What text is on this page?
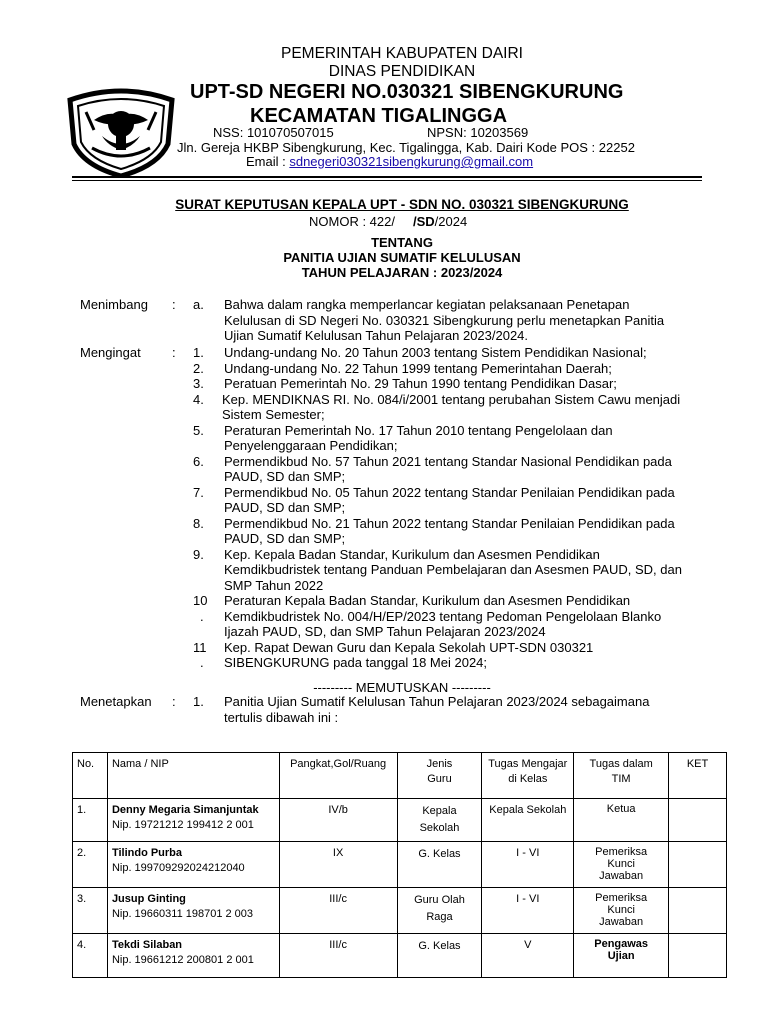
PEMERINTAH KABUPATEN DAIRI
DINAS PENDIDIKAN
UPT-SD NEGERI NO.030321 SIBENGKURUNG
KECAMATAN TIGALINGGA
NSS: 101070507015	NPSN: 10203569
Jln. Gereja HKBP Sibengkurung, Kec. Tigalingga, Kab. Dairi Kode POS : 22252
Email : sdnegeri030321sibengkurung@gmail.com
SURAT KEPUTUSAN KEPALA UPT - SDN NO. 030321 SIBENGKURUNG
NOMOR : 422/ /SD/2024
TENTANG
PANITIA UJIAN SUMATIF KELULUSAN
TAHUN PELAJARAN : 2023/2024
Menimbang : a. Bahwa dalam rangka memperlancar kegiatan pelaksanaan Penetapan
Kelulusan di SD Negeri No. 030321 Sibengkurung perlu menetapkan Panitia
Ujian Sumatif Kelulusan Tahun Pelajaran 2023/2024.
Mengingat : 1. Undang-undang No. 20 Tahun 2003 tentang Sistem Pendidikan Nasional;
2. Undang-undang No. 22 Tahun 1999 tentang Pemerintahan Daerah;
3. Peratuan Pemerintah No. 29 Tahun 1990 tentang Pendidikan Dasar;
4. Kep. MENDIKNAS RI. No. 084/i/2001 tentang perubahan Sistem Cawu menjadi
Sistem Semester;
5. Peraturan Pemerintah No. 17 Tahun 2010 tentang Pengelolaan dan
Penyelenggaraan Pendidikan;
6. Permendikbud No. 57 Tahun 2021 tentang Standar Nasional Pendidikan pada
PAUD, SD dan SMP;
7. Permendikbud No. 05 Tahun 2022 tentang Standar Penilaian Pendidikan pada
PAUD, SD dan SMP;
8. Permendikbud No. 21 Tahun 2022 tentang Standar Penilaian Pendidikan pada
PAUD, SD dan SMP;
9. Kep. Kepala Badan Standar, Kurikulum dan Asesmen Pendidikan
Kemdikbudristek tentang Panduan Pembelajaran dan Asesmen PAUD, SD, dan
SMP Tahun 2022
10
.
Peraturan Kepala Badan Standar, Kurikulum dan Asesmen Pendidikan
Kemdikbudristek No. 004/H/EP/2023 tentang Pedoman Pengelolaan Blanko
Ijazah PAUD, SD, dan SMP Tahun Pelajaran 2023/2024
11
.
Kep. Rapat Dewan Guru dan Kepala Sekolah UPT-SDN 030321
SIBENGKURUNG pada tanggal 18 Mei 2024;
--------- MEMUTUSKAN ---------
Menetapkan : 1. Panitia Ujian Sumatif Kelulusan Tahun Pelajaran 2023/2024 sebagaimana
tertulis dibawah ini :
No.	Nama / NIP	Pangkat,Gol/Ruang	Jenis Guru	Tugas Mengajar di Kelas	Tugas dalam TIM	KET
1.	Denny Megaria Simanjuntak
Nip. 19721212 199412 2 001	IV/b	Kepala Sekolah	Kepala Sekolah	Ketua	

2.	Tilindo Purba
Nip. 199709292024212040	IX	G. Kelas	I - VI	Pemeriksa Kunci Jawaban	

3.	Jusup Ginting
Nip. 19660311 198701 2 003	III/c	Guru Olah Raga	I - VI	Pemeriksa Kunci Jawaban	

4.	Tekdi Silaban
Nip. 19661212 200801 2 001	III/c	G. Kelas	V	Pengawas Ujian	
